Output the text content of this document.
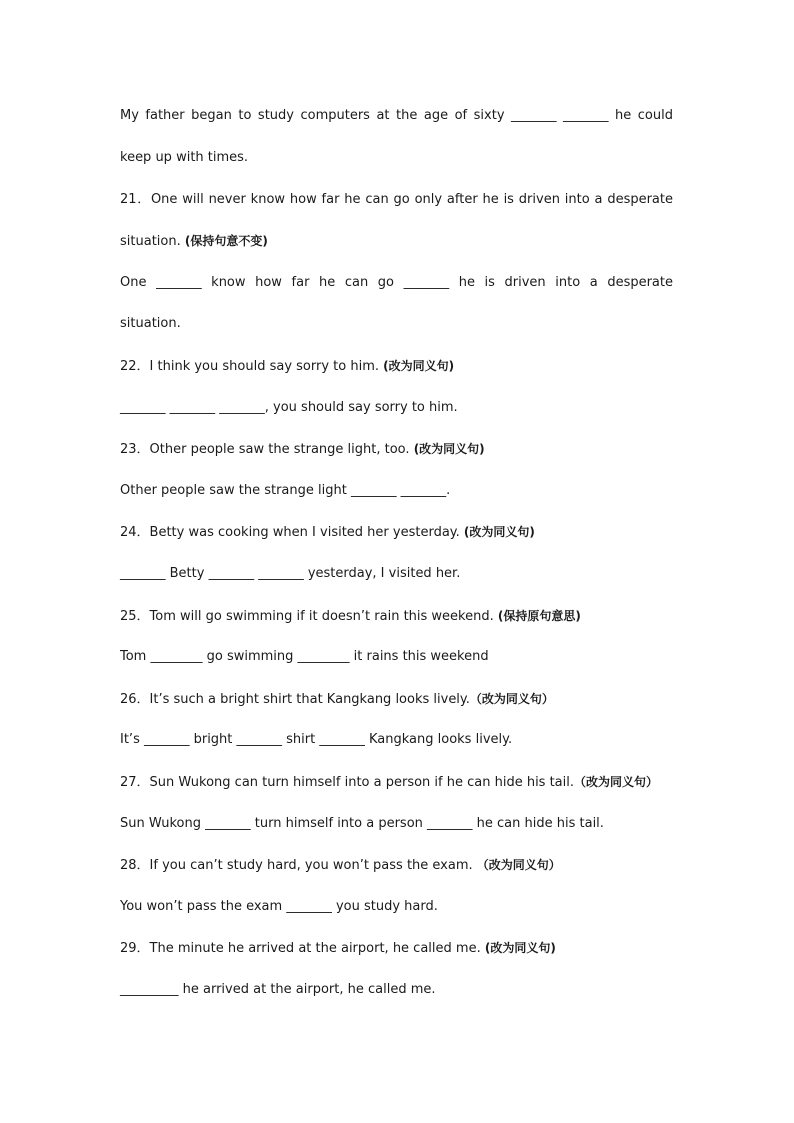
My father began to study computers at the age of sixty _______ _______ he could
keep up with times.
21．One will never know how far he can go only after he is driven into a desperate
situation. (保持句意不变)
One _______ know how far he can go _______ he is driven into a desperate
situation.
22．I think you should say sorry to him. (改为同义句)
_______ _______ _______, you should say sorry to him.
23．Other people saw the strange light, too. (改为同义句)
Other people saw the strange light _______ _______.
24．Betty was cooking when I visited her yesterday. (改为同义句)
_______ Betty _______ _______ yesterday, I visited her.
25．Tom will go swimming if it doesn’t rain this weekend. (保持原句意思)
Tom ________ go swimming ________ it rains this weekend
26．It’s such a bright shirt that Kangkang looks lively.（改为同义句）
It’s _______ bright _______ shirt _______ Kangkang looks lively.
27．Sun Wukong can turn himself into a person if he can hide his tail.（改为同义句）
Sun Wukong _______ turn himself into a person _______ he can hide his tail.
28．If you can’t study hard, you won’t pass the exam. （改为同义句）
You won’t pass the exam _______ you study hard.
29．The minute he arrived at the airport, he called me. (改为同义句)
_________ he arrived at the airport, he called me.
